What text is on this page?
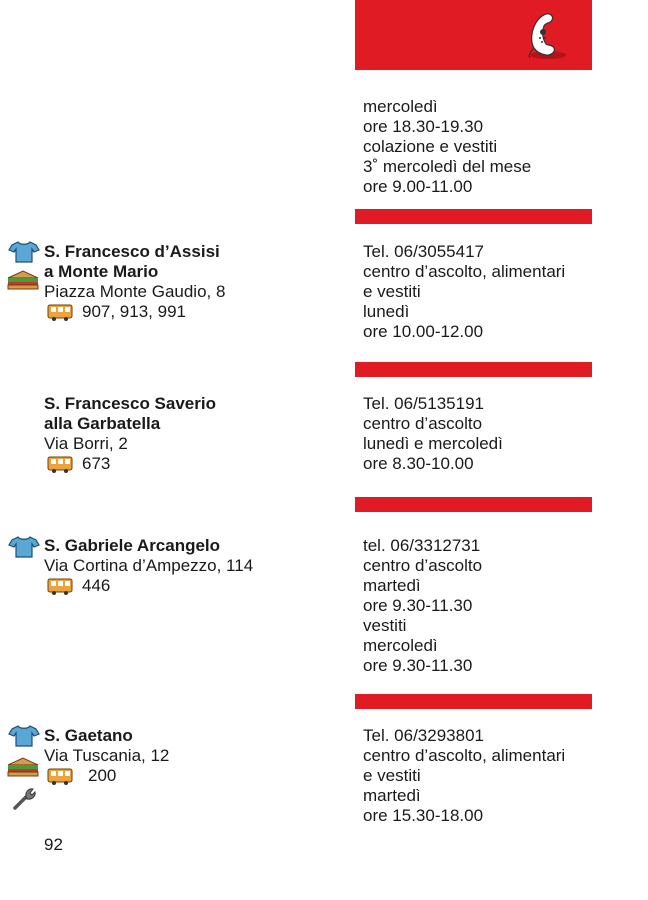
mercoledì
ore 18.30-19.30
colazione e vestiti
3˚ mercoledì del mese
ore 9.00-11.00
S. Francesco d’Assisi
a Monte Mario
Piazza Monte Gaudio, 8
907, 913, 991
Tel. 06/3055417
centro d’ascolto, alimentari
e vestiti
lunedì
ore 10.00-12.00
S. Francesco Saverio
alla Garbatella
Via Borri, 2
673
Tel. 06/5135191
centro d’ascolto
lunedì e mercoledì
ore 8.30-10.00
S. Gabriele Arcangelo
Via Cortina d’Ampezzo, 114
446
tel. 06/3312731
centro d’ascolto
martedì
ore 9.30-11.30
vestiti
mercoledì
ore 9.30-11.30
S. Gaetano
Via Tuscania, 12
200
Tel. 06/3293801
centro d’ascolto, alimentari
e vestiti
martedì
ore 15.30-18.00
92
